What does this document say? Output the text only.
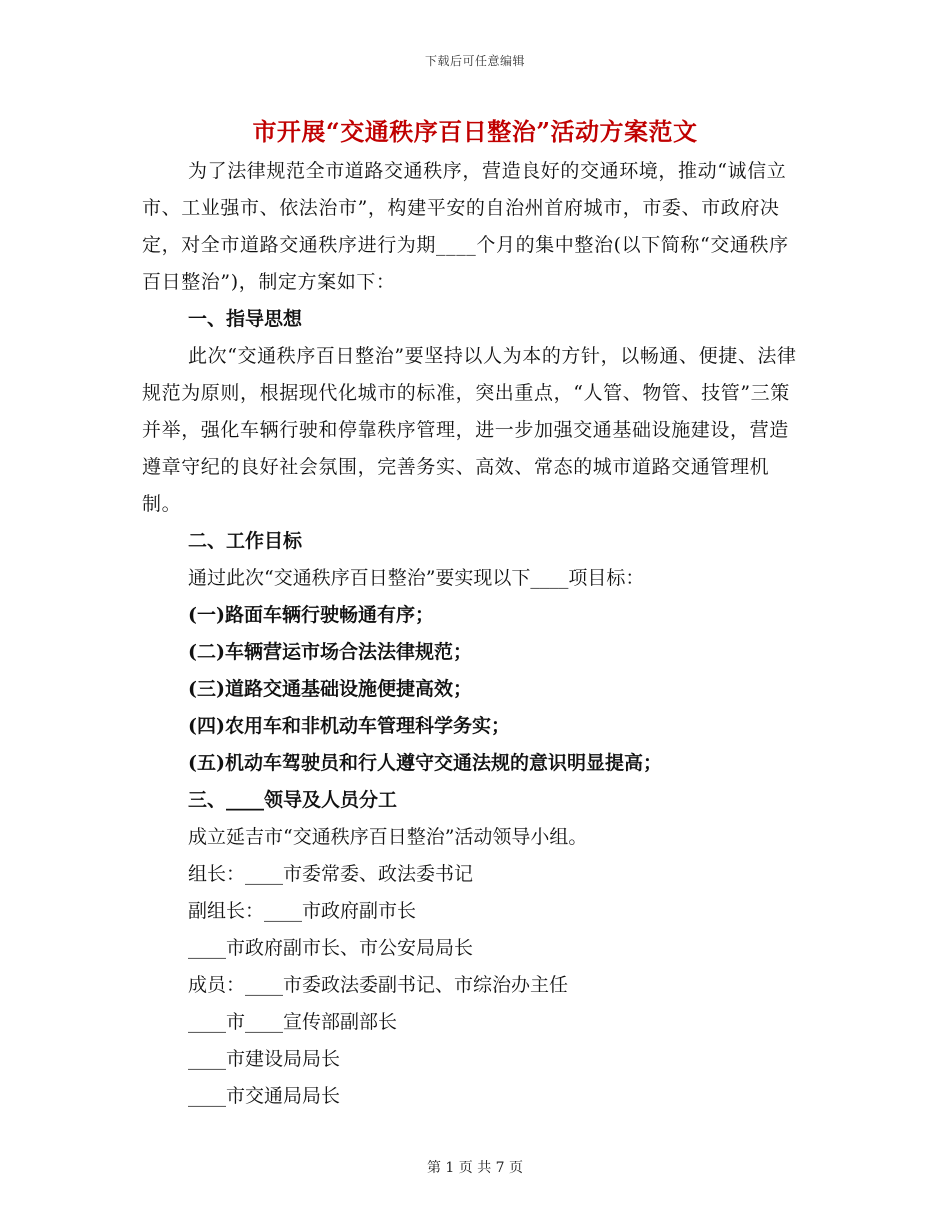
下载后可任意编辑
市开展“交通秩序百日整治”活动方案范文

为了法律规范全市道路交通秩序，营造良好的交通环境，推动“诚信立市、工业强市、依法治市”，构建平安的自治州首府城市，市委、市政府决定，对全市道路交通秩序进行为期____个月的集中整治(以下简称“交通秩序百日整治”)，制定方案如下：

一、指导思想

此次“交通秩序百日整治”要坚持以人为本的方针，以畅通、便捷、法律规范为原则，根据现代化城市的标准，突出重点，“人管、物管、技管”三策并举，强化车辆行驶和停靠秩序管理，进一步加强交通基础设施建设，营造遵章守纪的良好社会氛围，完善务实、高效、常态的城市道路交通管理机制。

二、工作目标

通过此次“交通秩序百日整治”要实现以下____项目标：

(一)路面车辆行驶畅通有序；

(二)车辆营运市场合法法律规范；

(三)道路交通基础设施便捷高效；

(四)农用车和非机动车管理科学务实；

(五)机动车驾驶员和行人遵守交通法规的意识明显提高；

三、____领导及人员分工

成立延吉市“交通秩序百日整治”活动领导小组。

组长：____市委常委、政法委书记

副组长：____市政府副市长

____市政府副市长、市公安局局长

成员：____市委政法委副书记、市综治办主任

____市____宣传部副部长

____市建设局局长

____市交通局局长

第 1 页 共 7 页
